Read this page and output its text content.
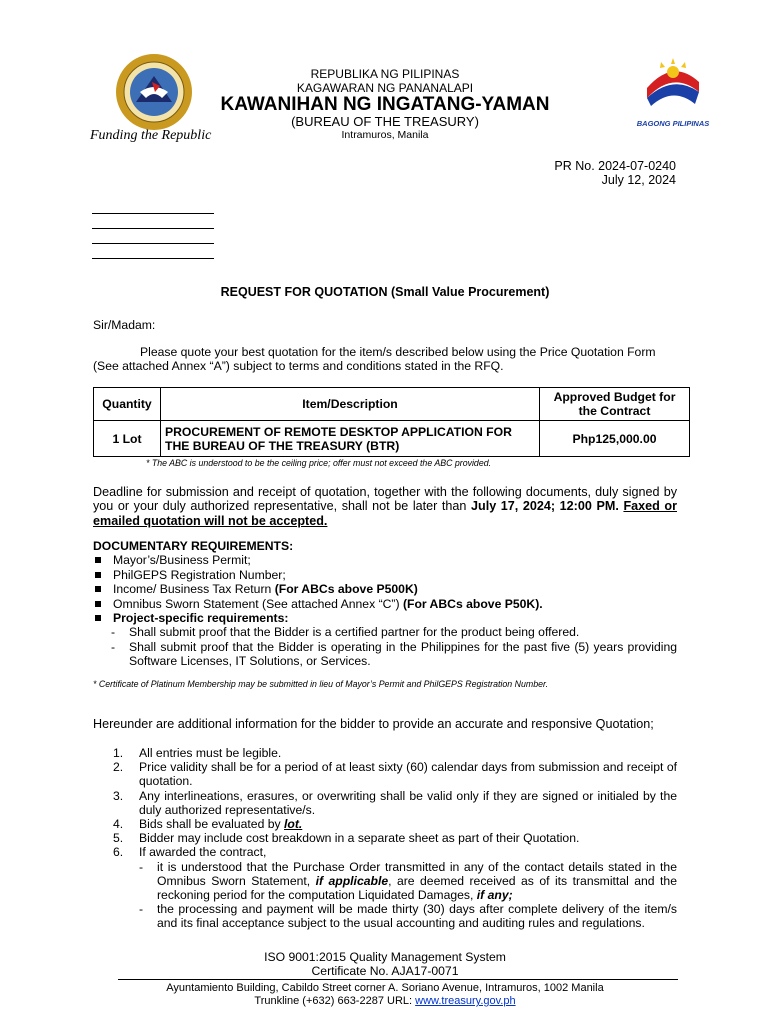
Funding the Republic
REPUBLIKA NG PILIPINAS
KAGAWARAN NG PANANALAPI
KAWANIHAN NG INGATANG-YAMAN
(BUREAU OF THE TREASURY)
Intramuros, Manila
BAGONG PILIPINAS
PR No. 2024-07-0240
July 12, 2024
REQUEST FOR QUOTATION (Small Value Procurement)
Sir/Madam:
Please quote your best quotation for the item/s described below using the Price Quotation Form
(See attached Annex “A”) subject to terms and conditions stated in the RFQ.
Quantity	Item/Description	Approved Budget for the Contract
1 Lot	PROCUREMENT OF REMOTE DESKTOP APPLICATION FOR THE BUREAU OF THE TREASURY (BTR)	Php125,000.00
* The ABC is understood to be the ceiling price; offer must not exceed the ABC provided.
Deadline for submission and receipt of quotation, together with the following documents, duly signed by you or your duly authorized representative, shall not be later than July 17, 2024; 12:00 PM. Faxed or emailed quotation will not be accepted.
DOCUMENTARY REQUIREMENTS:
Mayor’s/Business Permit;
PhilGEPS Registration Number;
Income/ Business Tax Return (For ABCs above P500K)
Omnibus Sworn Statement (See attached Annex “C”) (For ABCs above P50K).
Project-specific requirements:
- Shall submit proof that the Bidder is a certified partner for the product being offered.
- Shall submit proof that the Bidder is operating in the Philippines for the past five (5) years providing Software Licenses, IT Solutions, or Services.
* Certificate of Platinum Membership may be submitted in lieu of Mayor’s Permit and PhilGEPS Registration Number.
Hereunder are additional information for the bidder to provide an accurate and responsive Quotation;
1. All entries must be legible.
2. Price validity shall be for a period of at least sixty (60) calendar days from submission and receipt of quotation.
3. Any interlineations, erasures, or overwriting shall be valid only if they are signed or initialed by the duly authorized representative/s.
4. Bids shall be evaluated by lot.
5. Bidder may include cost breakdown in a separate sheet as part of their Quotation.
6. If awarded the contract,
- it is understood that the Purchase Order transmitted in any of the contact details stated in the Omnibus Sworn Statement, if applicable, are deemed received as of its transmittal and the reckoning period for the computation Liquidated Damages, if any;
- the processing and payment will be made thirty (30) days after complete delivery of the item/s and its final acceptance subject to the usual accounting and auditing rules and regulations.
ISO 9001:2015 Quality Management System
Certificate No. AJA17-0071
Ayuntamiento Building, Cabildo Street corner A. Soriano Avenue, Intramuros, 1002 Manila
Trunkline (+632) 663-2287 URL: www.treasury.gov.ph
